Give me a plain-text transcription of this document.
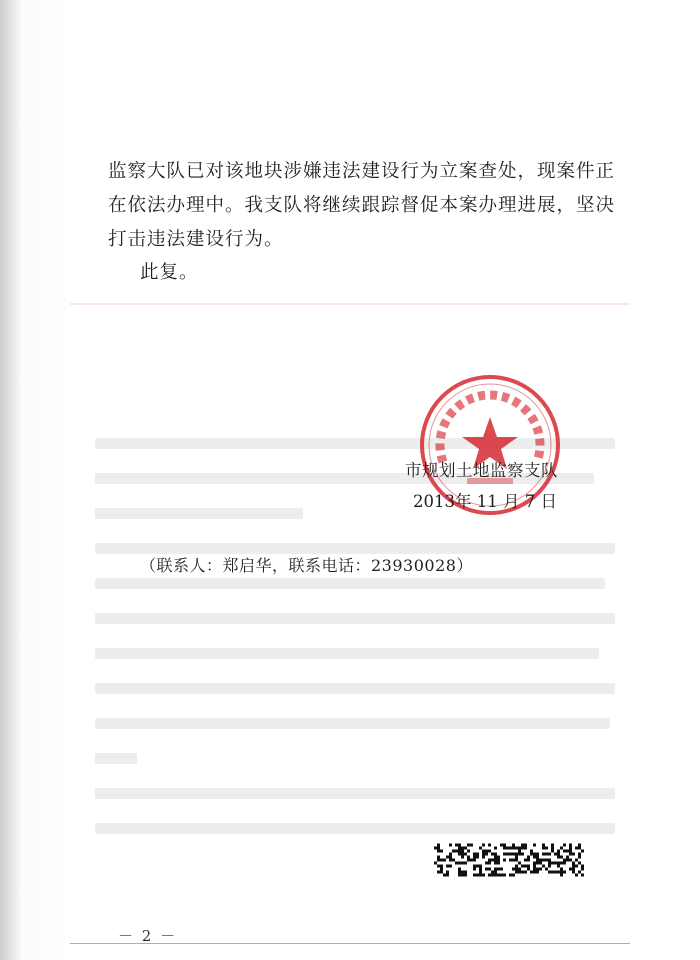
监察大队已对该地块涉嫌违法建设行为立案查处，现案件正在依法办理中。我支队将继续跟踪督促本案办理进展，坚决打击违法建设行为。
此复。
市规划土地监察支队
2013年 11 月 7 日
（联系人：郑启华，联系电话：23930028）
－ 2 －
